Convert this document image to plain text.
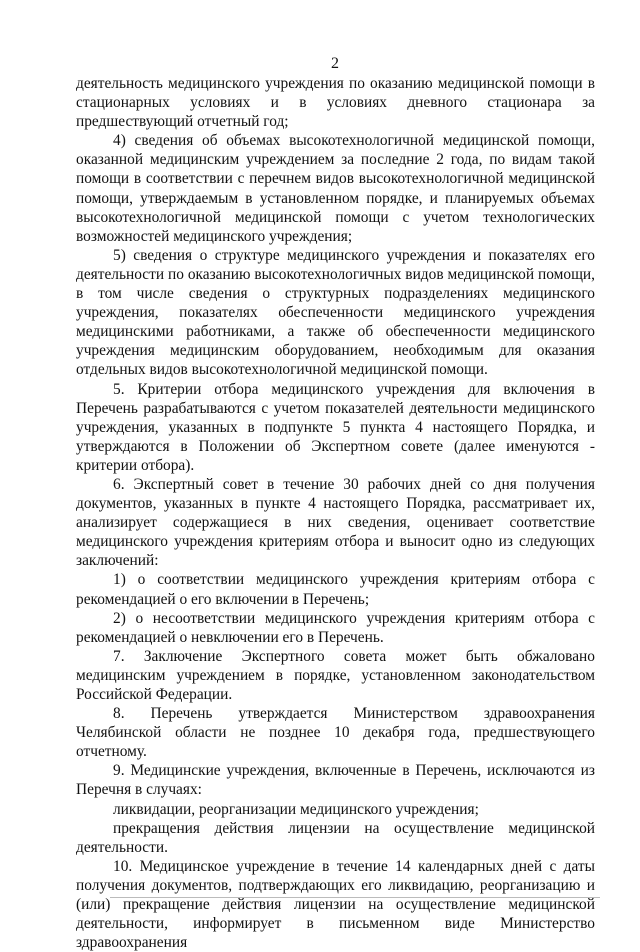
2

деятельность медицинского учреждения по оказанию медицинской помощи в стационарных условиях и в условиях дневного стационара за предшествующий отчетный год;

4) сведения об объемах высокотехнологичной медицинской помощи, оказанной медицинским учреждением за последние 2 года, по видам такой помощи в соответствии с перечнем видов высокотехнологичной медицинской помощи, утверждаемым в установленном порядке, и планируемых объемах высокотехнологичной медицинской помощи с учетом технологических возможностей медицинского учреждения;

5) сведения о структуре медицинского учреждения и показателях его деятельности по оказанию высокотехнологичных видов медицинской помощи, в том числе сведения о структурных подразделениях медицинского учреждения, показателях обеспеченности медицинского учреждения медицинскими работниками, а также об обеспеченности медицинского учреждения медицинским оборудованием, необходимым для оказания отдельных видов высокотехнологичной медицинской помощи.

5. Критерии отбора медицинского учреждения для включения в Перечень разрабатываются с учетом показателей деятельности медицинского учреждения, указанных в подпункте 5 пункта 4 настоящего Порядка, и утверждаются в Положении об Экспертном совете (далее именуются - критерии отбора).

6. Экспертный совет в течение 30 рабочих дней со дня получения документов, указанных в пункте 4 настоящего Порядка, рассматривает их, анализирует содержащиеся в них сведения, оценивает соответствие медицинского учреждения критериям отбора и выносит одно из следующих заключений:

1) о соответствии медицинского учреждения критериям отбора с рекомендацией о его включении в Перечень;

2) о несоответствии медицинского учреждения критериям отбора с рекомендацией о невключении его в Перечень.

7. Заключение Экспертного совета может быть обжаловано медицинским учреждением в порядке, установленном законодательством Российской Федерации.

8. Перечень утверждается Министерством здравоохранения Челябинской области не позднее 10 декабря года, предшествующего отчетному.

9. Медицинские учреждения, включенные в Перечень, исключаются из Перечня в случаях:

ликвидации, реорганизации медицинского учреждения;

прекращения действия лицензии на осуществление медицинской деятельности.

10. Медицинское учреждение в течение 14 календарных дней с даты получения документов, подтверждающих его ликвидацию, реорганизацию и (или) прекращение действия лицензии на осуществление медицинской деятельности, информирует в письменном виде Министерство здравоохранения
